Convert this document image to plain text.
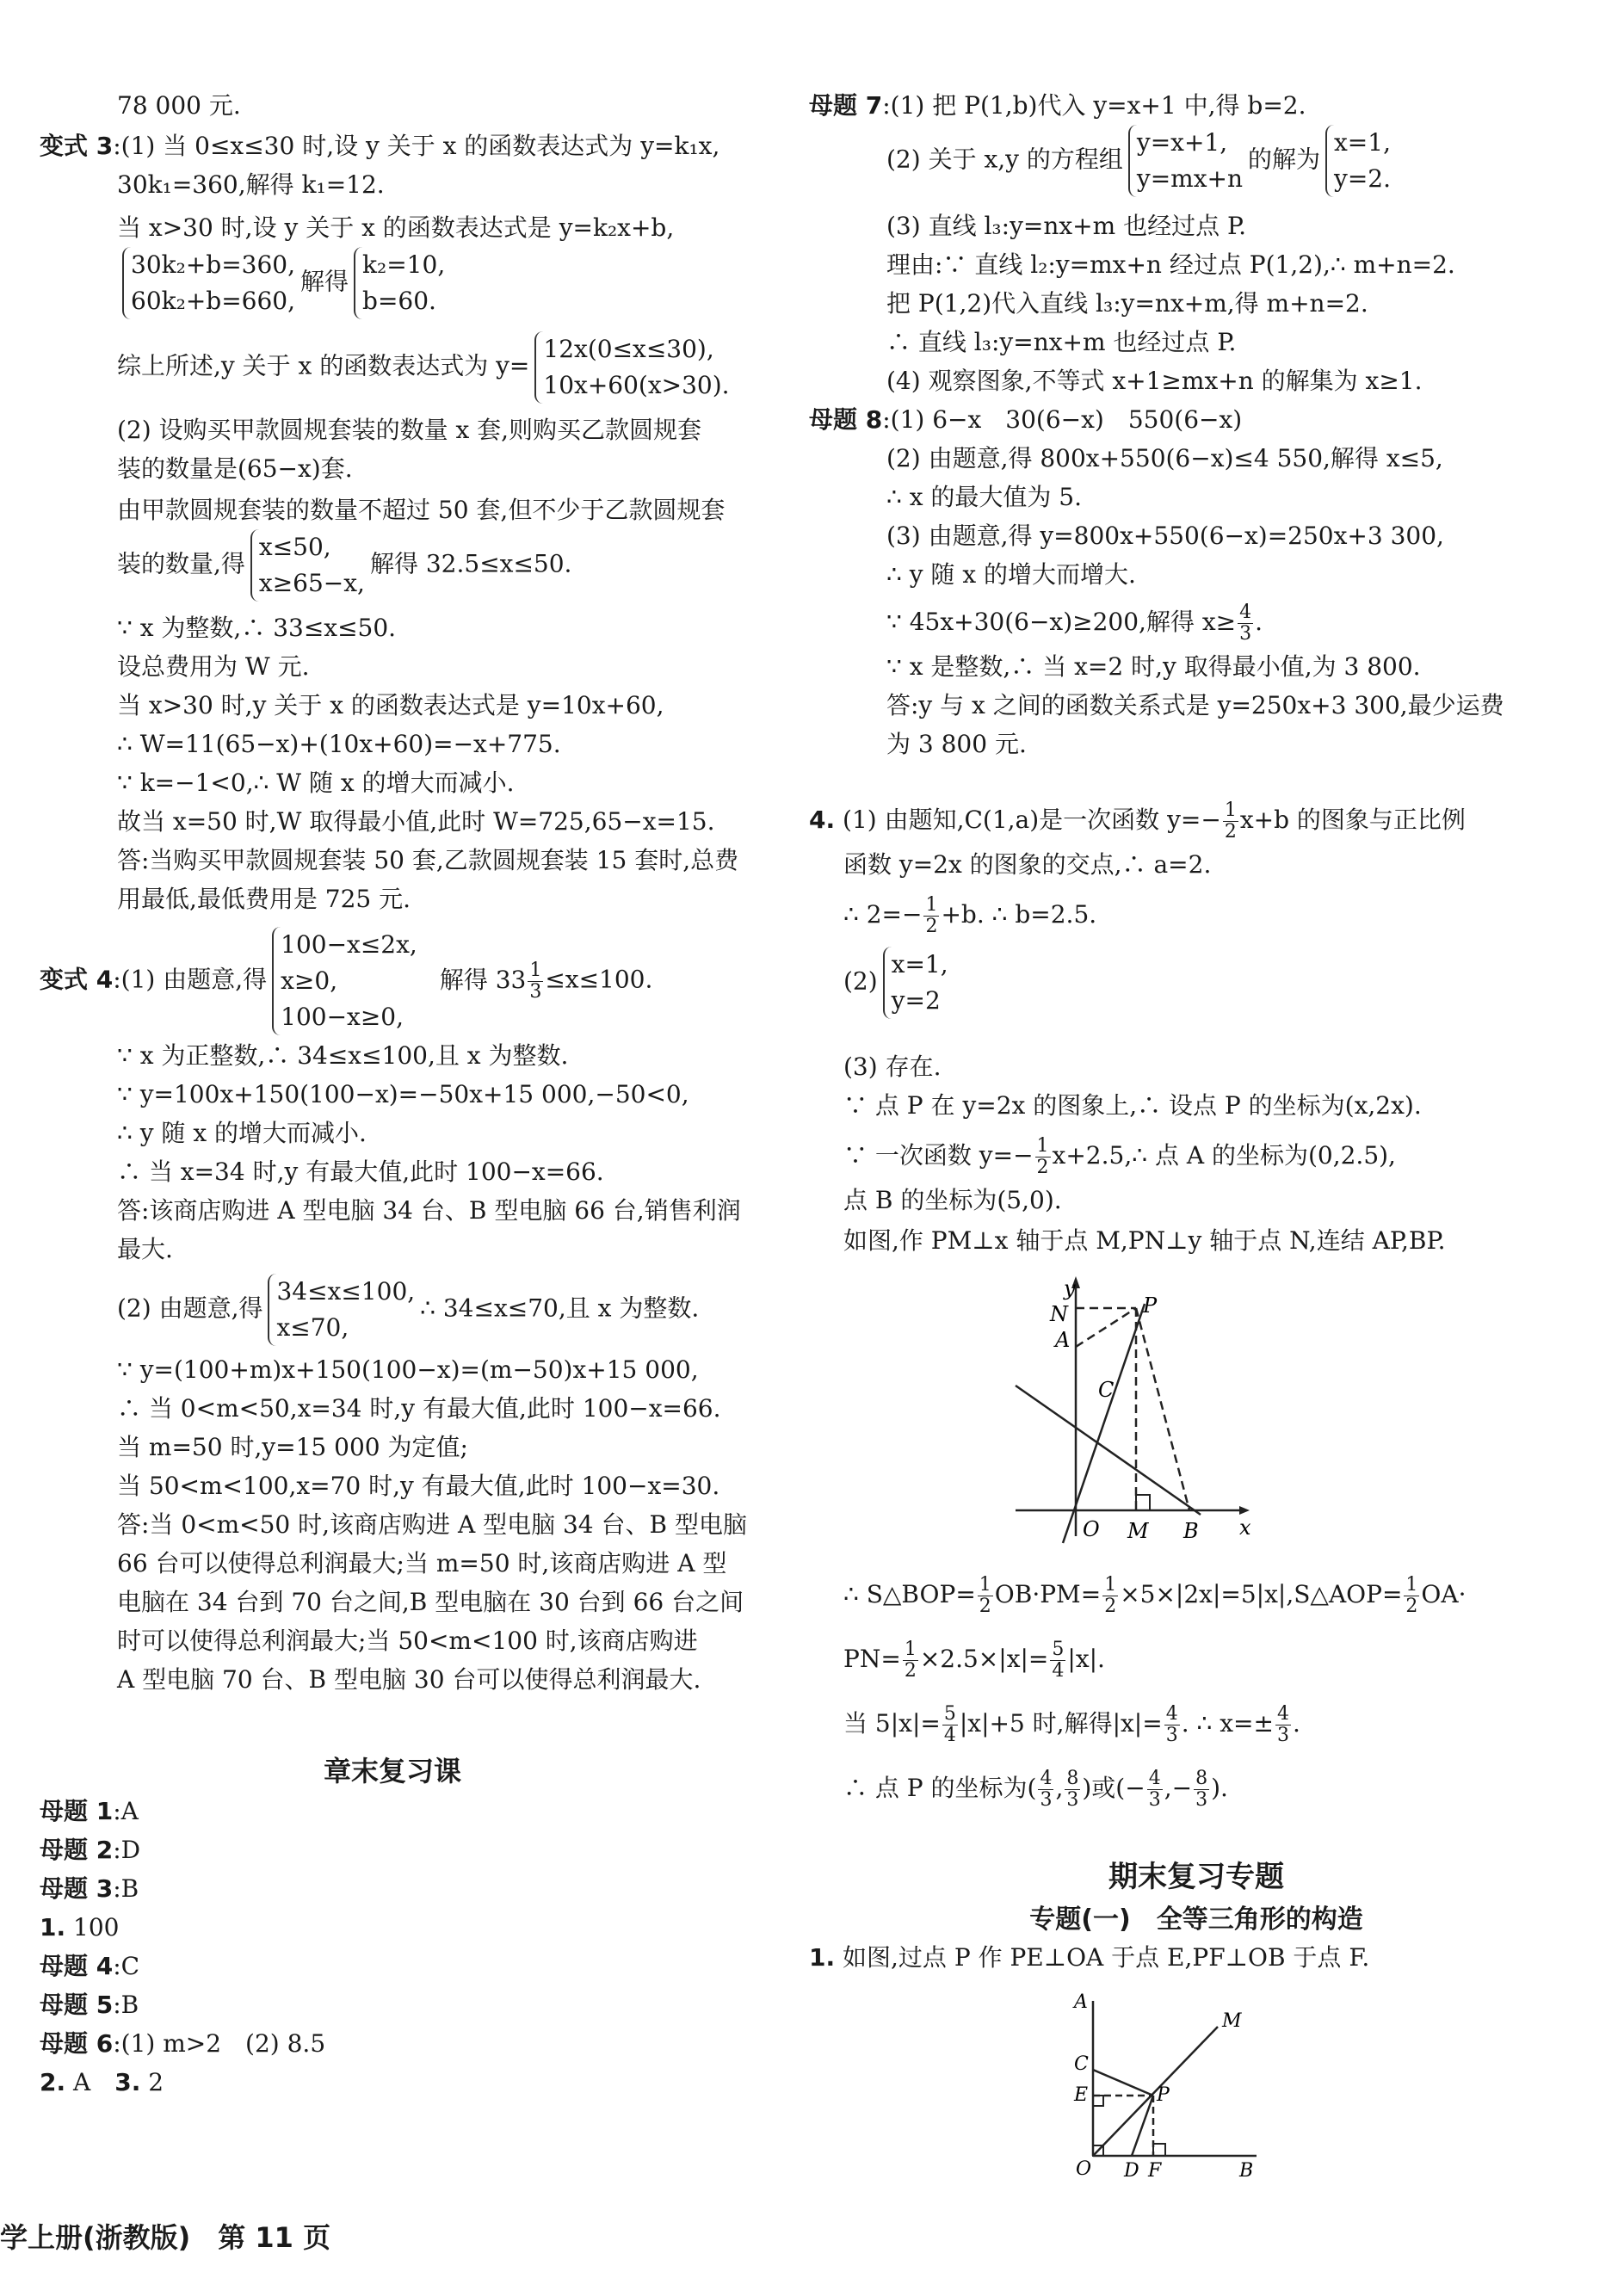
78 000 元.
变式 3:(1) 当 0≤x≤30 时,设 y 关于 x 的函数表达式为 y=k₁x,
30k₁=360,解得 k₁=12.
当 x>30 时,设 y 关于 x 的函数表达式是 y=k₂x+b,
30k₂+b=360,
60k₂+b=660,
解得
k₂=10,
b=60.
综上所述,y 关于 x 的函数表达式为 y=
12x(0≤x≤30),
10x+60(x>30).
(2) 设购买甲款圆规套装的数量 x 套,则购买乙款圆规套
装的数量是(65−x)套.
由甲款圆规套装的数量不超过 50 套,但不少于乙款圆规套
装的数量,得
x≤50,
x≥65−x,
解得 32.5≤x≤50.
∵ x 为整数,∴ 33≤x≤50.
设总费用为 W 元.
当 x>30 时,y 关于 x 的函数表达式是 y=10x+60,
∴ W=11(65−x)+(10x+60)=−x+775.
∵ k=−1<0,∴ W 随 x 的增大而减小.
故当 x=50 时,W 取得最小值,此时 W=725,65−x=15.
答:当购买甲款圆规套装 50 套,乙款圆规套装 15 套时,总费
用最低,最低费用是 725 元.
变式 4:(1) 由题意,得
100−x≤2x,
x≥0,
100−x≥0,
解得 $33 \frac{1}{3} \le x\le 100$.
∵ x 为正整数,∴ 34≤x≤100,且 x 为整数.
∵ y=100x+150(100−x)=−50x+15 000,−50<0,
∴ y 随 x 的增大而减小.
∴ 当 x=34 时,y 有最大值,此时 100−x=66.
答:该商店购进 A 型电脑 34 台、B 型电脑 66 台,销售利润
最大.
(2) 由题意,得
34≤x≤100,
x≤70,
∴ 34≤x≤70,且 x 为整数.
∵ y=(100+m)x+150(100−x)=(m−50)x+15 000,
∴ 当 0<m<50,x=34 时,y 有最大值,此时 100−x=66.
当 m=50 时,y=15 000 为定值;
当 50<m<100,x=70 时,y 有最大值,此时 100−x=30.
答:当 0<m<50 时,该商店购进 A 型电脑 34 台、B 型电脑
66 台可以使得总利润最大;当 m=50 时,该商店购进 A 型
电脑在 34 台到 70 台之间,B 型电脑在 30 台到 66 台之间
时可以使得总利润最大;当 50<m<100 时,该商店购进
A 型电脑 70 台、B 型电脑 30 台可以使得总利润最大.
章末复习课
母题 1:A
母题 2:D
母题 3:B
1. 100
母题 4:C
母题 5:B
母题 6:(1) m>2　(2) 8.5
2. A　3. 2
母题 7:(1) 把 P(1,b)代入 y=x+1 中,得 b=2.
(2) 关于 x,y 的方程组
y=x+1,
y=mx+n
的解为
x=1,
y=2.
(3) 直线 l₃:y=nx+m 也经过点 P.
理由:∵ 直线 l₂:y=mx+n 经过点 P(1,2),∴ m+n=2.
把 P(1,2)代入直线 l₃:y=nx+m,得 m+n=2.
∴ 直线 l₃:y=nx+m 也经过点 P.
(4) 观察图象,不等式 x+1≥mx+n 的解集为 x≥1.
母题 8:(1) 6−x　30(6−x)　550(6−x)
(2) 由题意,得 800x+550(6−x)≤4 550,解得 x≤5,
∴ x 的最大值为 5.
(3) 由题意,得 y=800x+550(6−x)=250x+3 300,
∴ y 随 x 的增大而增大.
∵ 45x+30(6−x)≥200,解得 $x\ge \frac{4}{3}$ .
∵ x 是整数,∴ 当 x=2 时,y 取得最小值,为 3 800.
答:y 与 x 之间的函数关系式是 y=250x+3 300,最少运费
为 3 800 元.
4. (1) 由题知,C(1,a)是一次函数 $y=- \frac{1}{2} x+b$ 的图象与正比例
函数 y=2x 的图象的交点,∴ a=2.
∴ $2=- \frac{1}{2} +b$. ∴ b=2.5.
(2)
x=1,
y=2
(3) 存在.
∵ 点 P 在 y=2x 的图象上,∴ 设点 P 的坐标为(x,2x).
∵ 一次函数 $y=- \frac{1}{2}$ x+2.5,∴ 点 A 的坐标为(0,2.5),
点 B 的坐标为(5,0).
如图,作 PM⊥x 轴于点 M,PN⊥y 轴于点 N,连结 AP,BP.
y
x
N
A
P
C
O M B
∴ S△BOP= $\frac{1}{2} OB\cdot PM= \frac{1}{2}$ ×5×|2x|=5|x|,S△AOP= $\frac{1}{2} OA\cdot$
$PN= \frac{1}{2} \times 2.5\times|x|= \frac{5}{4} |x|$.
当 $5|x|= \frac{5}{4} |x|+5$ 时,解得$|x|= \frac{4}{3}$ . ∴ $x=\pm \frac{4}{3}$ .
∴ 点 P 的坐标为( $\frac{4}{3}$ , $\frac{8}{3}$ )或(− $\frac{4}{3}$ ,− $\frac{8}{3}$ ).
期末复习专题
专题(一)　全等三角形的构造
1. 如图,过点 P 作 PE⊥OA 于点 E,PF⊥OB 于点 F.
A
M
C
E	P
O D F	B
学上册(浙教版)　第 11 页
